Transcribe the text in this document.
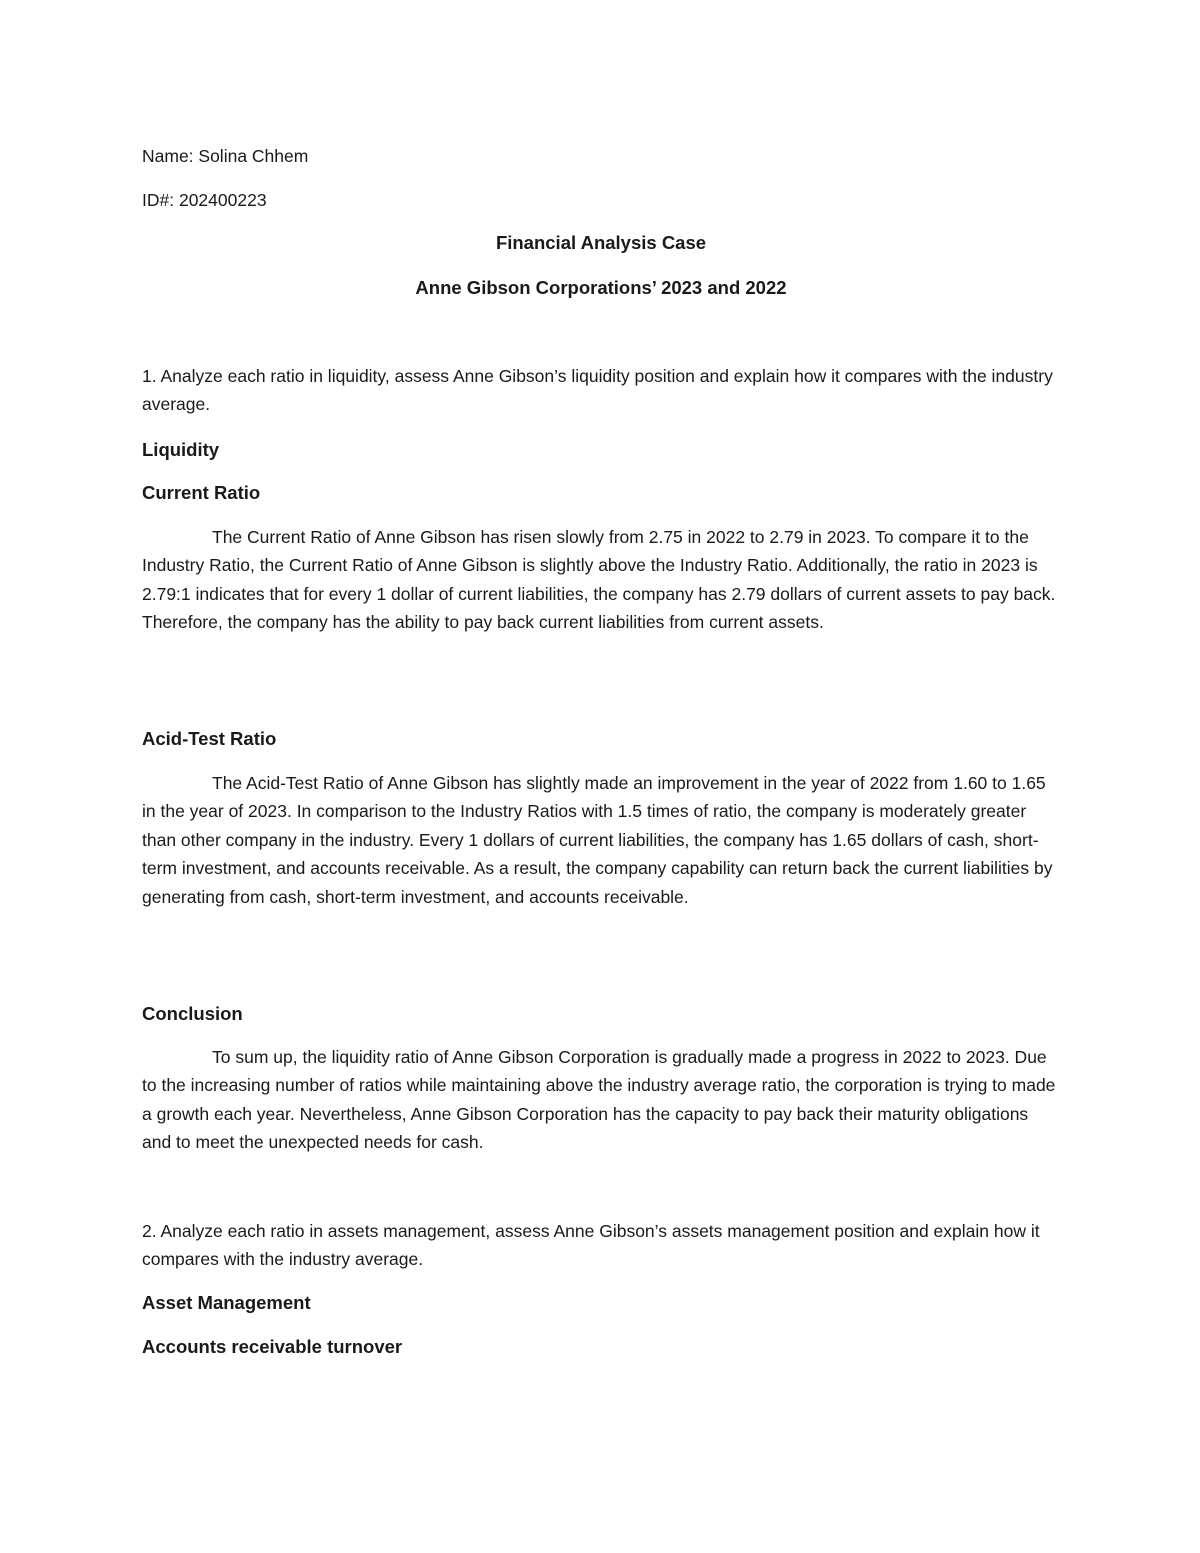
Name: Solina Chhem
ID#: 202400223
Financial Analysis Case
Anne Gibson Corporations’ 2023 and 2022

1. Analyze each ratio in liquidity, assess Anne Gibson’s liquidity position and explain how it compares with the industry average.

Liquidity
Current Ratio

The Current Ratio of Anne Gibson has risen slowly from 2.75 in 2022 to 2.79 in 2023. To compare it to the Industry Ratio, the Current Ratio of Anne Gibson is slightly above the Industry Ratio. Additionally, the ratio in 2023 is 2.79:1 indicates that for every 1 dollar of current liabilities, the company has 2.79 dollars of current assets to pay back. Therefore, the company has the ability to pay back current liabilities from current assets.

Acid-Test Ratio

The Acid-Test Ratio of Anne Gibson has slightly made an improvement in the year of 2022 from 1.60 to 1.65 in the year of 2023. In comparison to the Industry Ratios with 1.5 times of ratio, the company is moderately greater than other company in the industry. Every 1 dollars of current liabilities, the company has 1.65 dollars of cash, short-term investment, and accounts receivable. As a result, the company capability can return back the current liabilities by generating from cash, short-term investment, and accounts receivable.

Conclusion

To sum up, the liquidity ratio of Anne Gibson Corporation is gradually made a progress in 2022 to 2023. Due to the increasing number of ratios while maintaining above the industry average ratio, the corporation is trying to made a growth each year. Nevertheless, Anne Gibson Corporation has the capacity to pay back their maturity obligations and to meet the unexpected needs for cash.

2. Analyze each ratio in assets management, assess Anne Gibson’s assets management position and explain how it compares with the industry average.

Asset Management
Accounts receivable turnover
